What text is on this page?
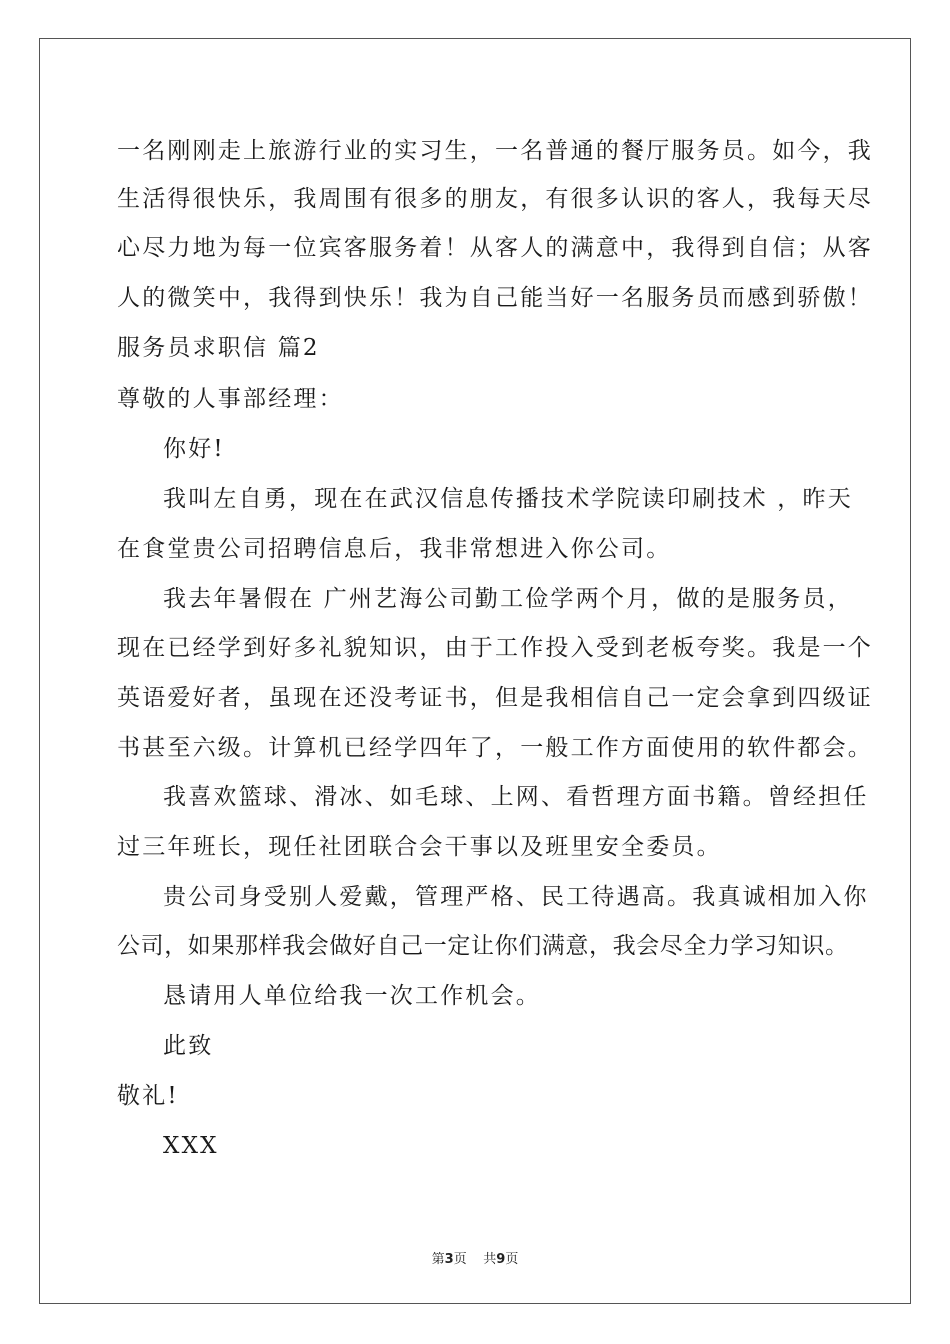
一名刚刚走上旅游行业的实习生，一名普通的餐厅服务员。如今，我
生活得很快乐，我周围有很多的朋友，有很多认识的客人，我每天尽
心尽力地为每一位宾客服务着！从客人的满意中，我得到自信；从客
人的微笑中，我得到快乐！我为自己能当好一名服务员而感到骄傲！
服务员求职信 篇2
尊敬的人事部经理：
你好!
我叫左自勇，现在在武汉信息传播技术学院读印刷技术 ，昨天
在食堂贵公司招聘信息后，我非常想进入你公司。
我去年暑假在 广州艺海公司勤工俭学两个月，做的是服务员，
现在已经学到好多礼貌知识，由于工作投入受到老板夸奖。我是一个
英语爱好者，虽现在还没考证书，但是我相信自己一定会拿到四级证
书甚至六级。计算机已经学四年了，一般工作方面使用的软件都会。
我喜欢篮球、滑冰、如毛球、上网、看哲理方面书籍。曾经担任
过三年班长，现任社团联合会干事以及班里安全委员。
贵公司身受别人爱戴，管理严格、民工待遇高。我真诚相加入你
公司，如果那样我会做好自己一定让你们满意，我会尽全力学习知识。
恳请用人单位给我一次工作机会。
此致
敬礼!
XXX
第3页 共9页
